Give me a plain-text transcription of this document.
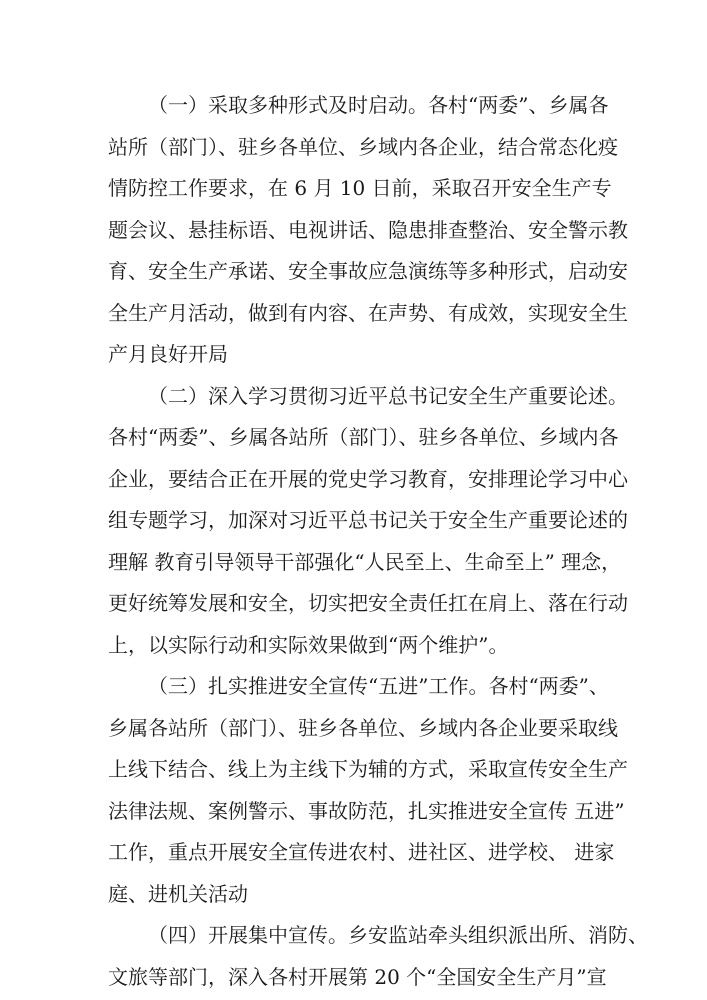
（一）采取多种形式及时启动。各村“两委”、乡属各
站所（部门）、驻乡各单位、乡域内各企业，结合常态化疫
情防控工作要求，在 6 月 10 日前，采取召开安全生产专
题会议、悬挂标语、电视讲话、隐患排查整治、安全警示教
育、安全生产承诺、安全事故应急演练等多种形式，启动安
全生产月活动，做到有内容、在声势、有成效，实现安全生
产月良好开局
（二）深入学习贯彻习近平总书记安全生产重要论述。
各村“两委”、乡属各站所（部门）、驻乡各单位、乡域内各
企业，要结合正在开展的党史学习教育，安排理论学习中心
组专题学习，加深对习近平总书记关于安全生产重要论述的
理解 教育引导领导干部强化“人民至上、生命至上” 理念，
更好统筹发展和安全，切实把安全责任扛在肩上、落在行动
上，以实际行动和实际效果做到“两个维护”。
（三）扎实推进安全宣传“五进”工作。各村“两委”、
乡属各站所（部门）、驻乡各单位、乡域内各企业要采取线
上线下结合、线上为主线下为辅的方式，采取宣传安全生产
法律法规、案例警示、事故防范，扎实推进安全宣传 五进”
工作，重点开展安全宣传进农村、进社区、进学校、 进家
庭、进机关活动
（四）开展集中宣传。乡安监站牵头组织派出所、消防、
文旅等部门，深入各村开展第 20 个“全国安全生产月”宣
